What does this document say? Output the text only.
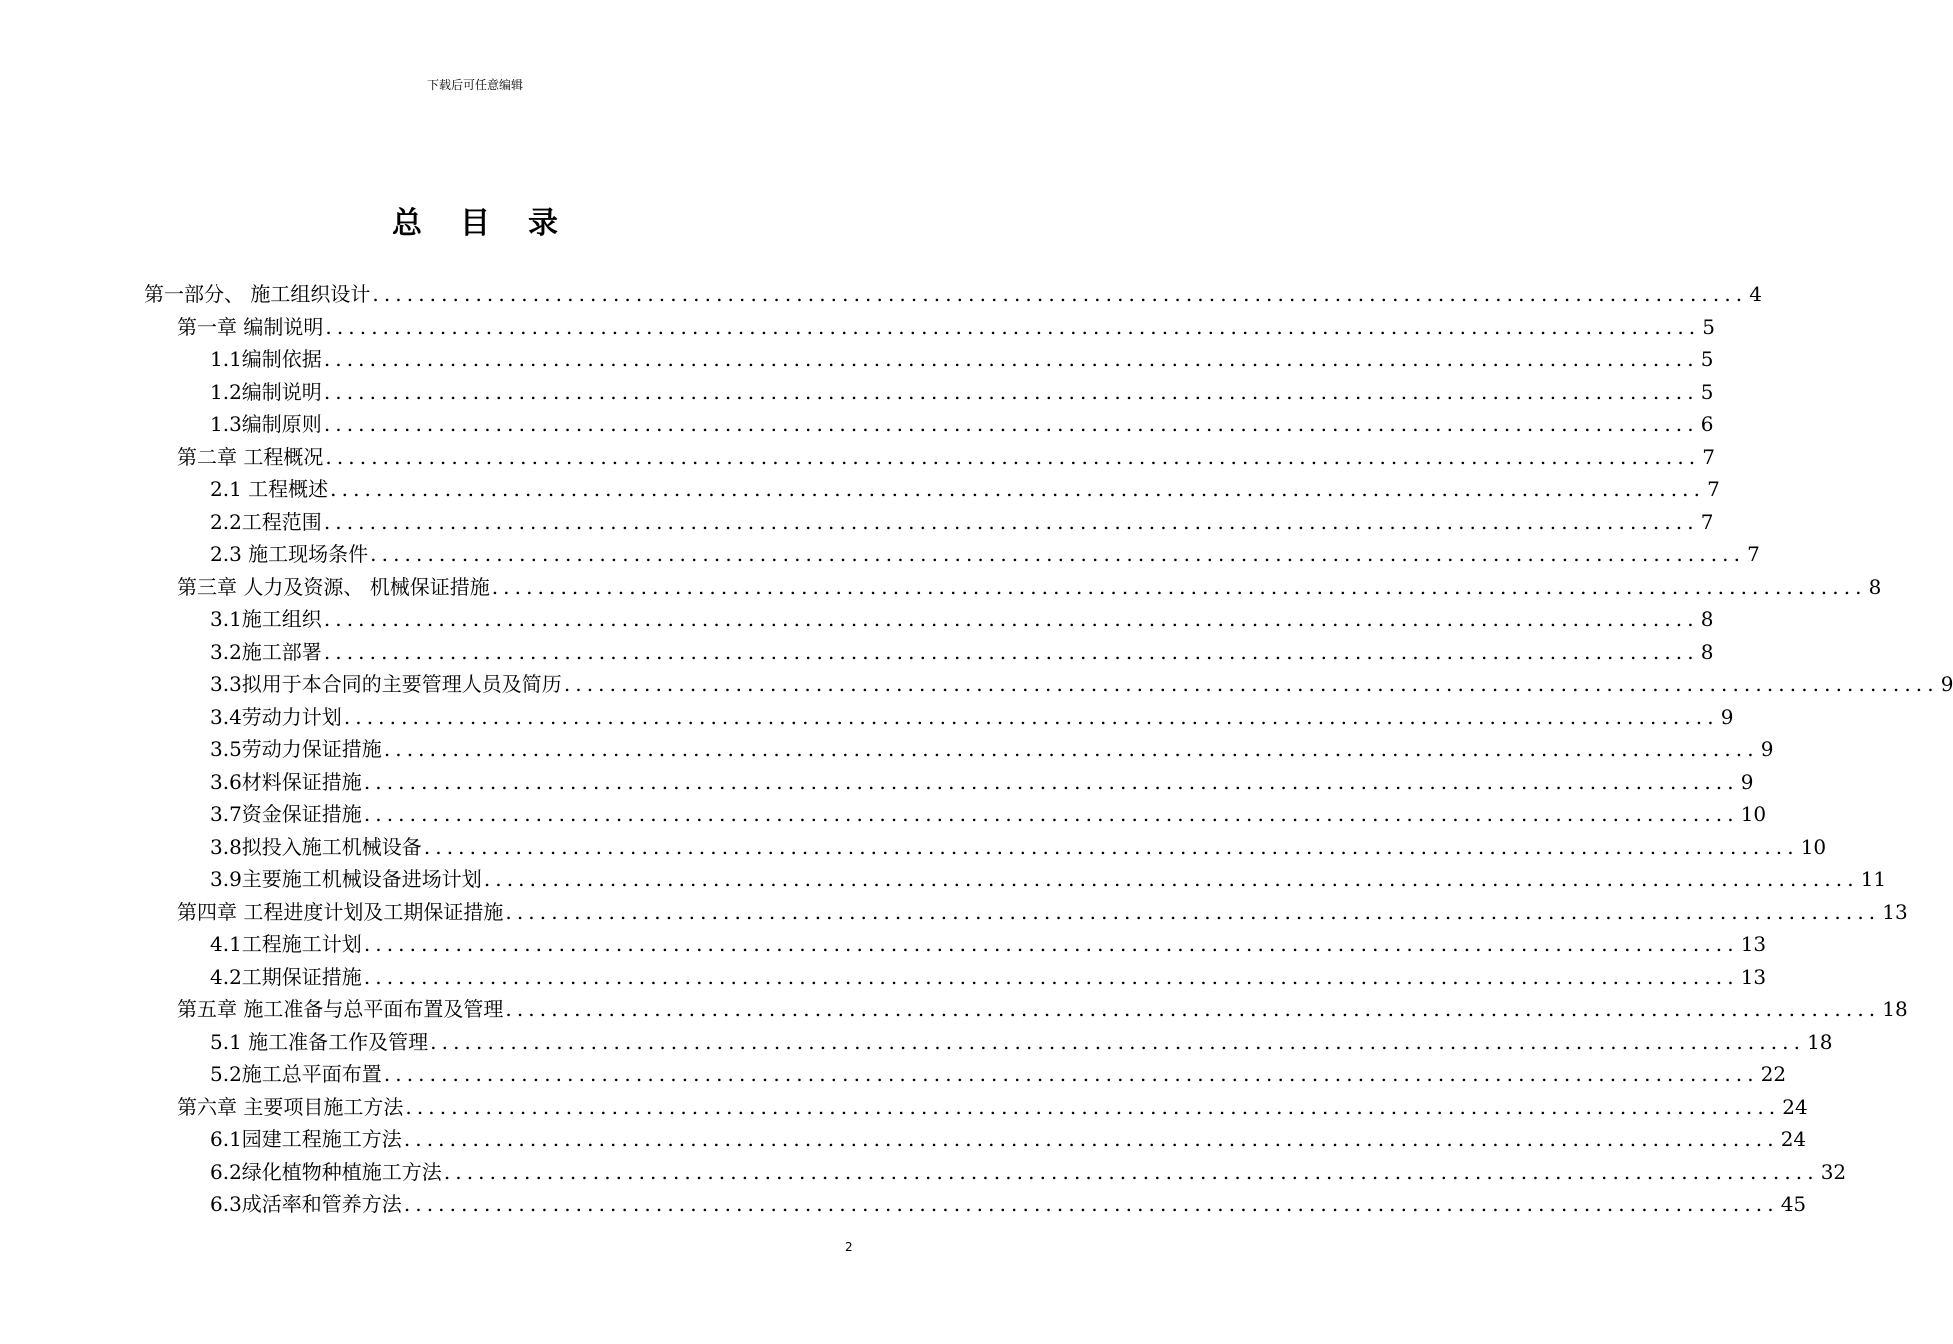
下载后可任意编辑
总目录
第一部分、 施工组织设计 ........................................................................................................................ 4
第一章 编制说明 ........................................................................................................................ 5
1.1编制依据 ........................................................................................................................ 5
1.2编制说明 ........................................................................................................................ 5
1.3编制原则 ........................................................................................................................ 6
第二章 工程概况 ........................................................................................................................ 7
2.1 工程概述 ........................................................................................................................ 7
2.2工程范围 ........................................................................................................................ 7
2.3 施工现场条件 ........................................................................................................................ 7
第三章 人力及资源、 机械保证措施 ........................................................................................................................ 8
3.1施工组织 ........................................................................................................................ 8
3.2施工部署 ........................................................................................................................ 8
3.3拟用于本合同的主要管理人员及简历 ........................................................................................................................ 9
3.4劳动力计划 ........................................................................................................................ 9
3.5劳动力保证措施 ........................................................................................................................ 9
3.6材料保证措施 ........................................................................................................................ 9
3.7资金保证措施 ........................................................................................................................ 10
3.8拟投入施工机械设备 ........................................................................................................................ 10
3.9主要施工机械设备进场计划 ........................................................................................................................ 11
第四章 工程进度计划及工期保证措施 ........................................................................................................................ 13
4.1工程施工计划 ........................................................................................................................ 13
4.2工期保证措施 ........................................................................................................................ 13
第五章 施工准备与总平面布置及管理 ........................................................................................................................ 18
5.1 施工准备工作及管理 ........................................................................................................................ 18
5.2施工总平面布置 ........................................................................................................................ 22
第六章 主要项目施工方法 ........................................................................................................................ 24
6.1园建工程施工方法 ........................................................................................................................ 24
6.2绿化植物种植施工方法 ........................................................................................................................ 32
6.3成活率和管养方法 ........................................................................................................................ 45
2
